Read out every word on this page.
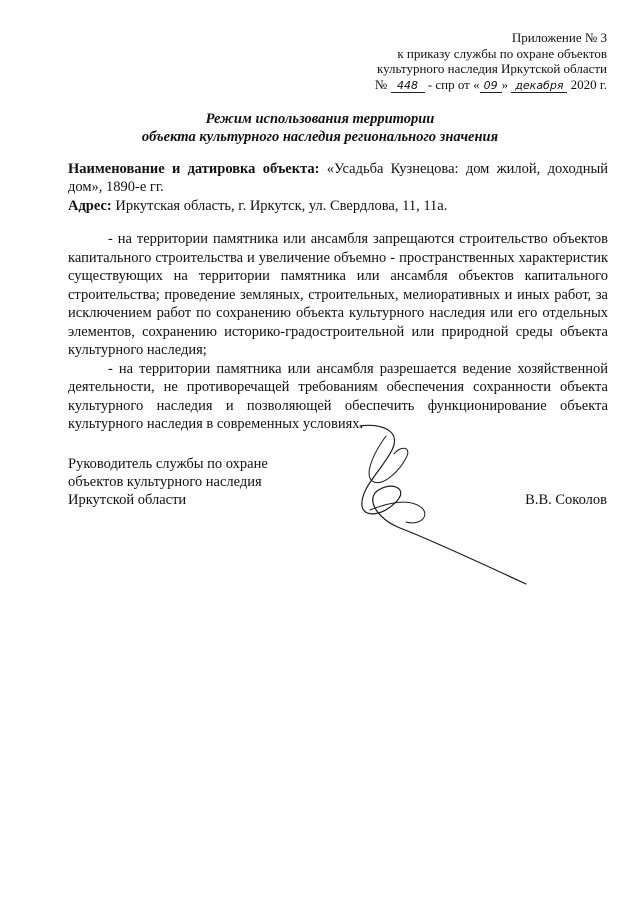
Приложение № 3
к приказу службы по охране объектов
культурного наследия Иркутской области
№ 448 - спр от « 09 » декабря 2020 г.
Режим использования территории
объекта культурного наследия регионального значения
Наименование и датировка объекта: «Усадьба Кузнецова: дом жилой, доходный дом», 1890-е гг.
Адрес: Иркутская область, г. Иркутск, ул. Свердлова, 11, 11а.

- на территории памятника или ансамбля запрещаются строительство объектов капитального строительства и увеличение объемно - пространственных характеристик существующих на территории памятника или ансамбля объектов капитального строительства; проведение земляных, строительных, мелиоративных и иных работ, за исключением работ по сохранению объекта культурного наследия или его отдельных элементов, сохранению историко-градостроительной или природной среды объекта культурного наследия;

- на территории памятника или ансамбля разрешается ведение хозяйственной деятельности, не противоречащей требованиям обеспечения сохранности объекта культурного наследия и позволяющей обеспечить функционирование объекта культурного наследия в современных условиях.

Руководитель службы по охране
объектов культурного наследия
Иркутской области	В.В. Соколов
